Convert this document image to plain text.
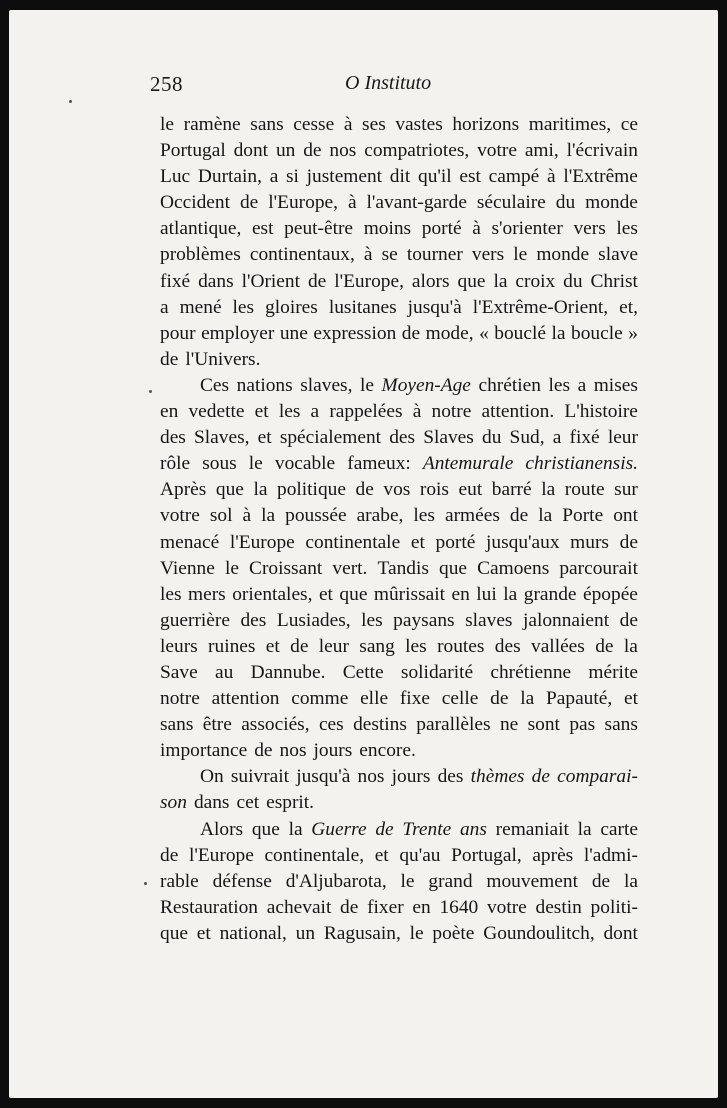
258	O Instituto
le ramène sans cesse à ses vastes horizons maritimes, ce
Portugal dont un de nos compatriotes, votre ami, l'écrivain
Luc Durtain, a si justement dit qu'il est campé à l'Extrême
Occident de l'Europe, à l'avant-garde séculaire du monde
atlantique, est peut-être moins porté à s'orienter vers les
problèmes continentaux, à se tourner vers le monde slave
fixé dans l'Orient de l'Europe, alors que la croix du Christ
a mené les gloires lusitanes jusqu'à l'Extrême-Orient, et,
pour employer une expression de mode, « bouclé la boucle »
de l'Univers.
Ces nations slaves, le Moyen-Age chrétien les a mises
en vedette et les a rappelées à notre attention. L'histoire
des Slaves, et spécialement des Slaves du Sud, a fixé leur
rôle sous le vocable fameux: Antemurale christianensis.
Après que la politique de vos rois eut barré la route sur
votre sol à la poussée arabe, les armées de la Porte ont
menacé l'Europe continentale et porté jusqu'aux murs de
Vienne le Croissant vert. Tandis que Camoens parcourait
les mers orientales, et que mûrissait en lui la grande épopée
guerrière des Lusiades, les paysans slaves jalonnaient de
leurs ruines et de leur sang les routes des vallées de la
Save au Dannube. Cette solidarité chrétienne mérite
notre attention comme elle fixe celle de la Papauté, et
sans être associés, ces destins parallèles ne sont pas sans
importance de nos jours encore.
On suivrait jusqu'à nos jours des thèmes de comparai-
son dans cet esprit.
Alors que la Guerre de Trente ans remaniait la carte
de l'Europe continentale, et qu'au Portugal, après l'admi-
rable défense d'Aljubarota, le grand mouvement de la
Restauration achevait de fixer en 1640 votre destin politi-
que et national, un Ragusain, le poète Goundoulitch, dont
